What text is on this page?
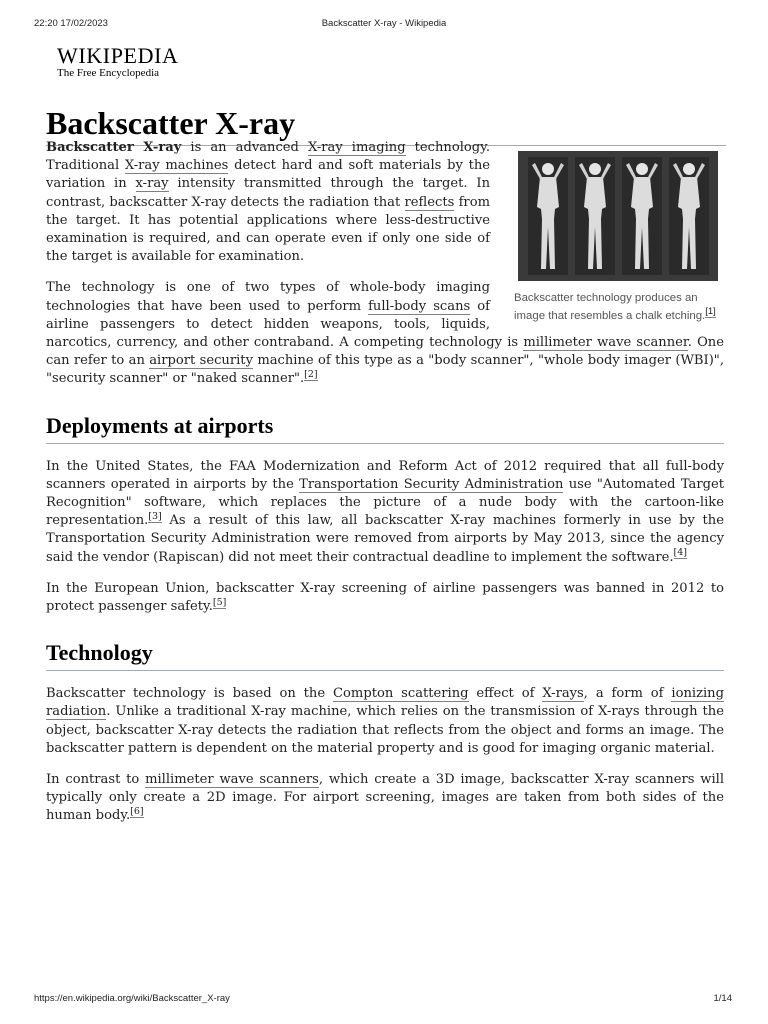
22:20 17/02/2023	Backscatter X-ray - Wikipedia
WIKIPEDIA
The Free Encyclopedia
Backscatter X-ray
Backscatter technology produces an image that resembles a chalk etching.[1]

Backscatter X-ray is an advanced X-ray imaging technology. Traditional X-ray machines detect hard and soft materials by the variation in x-ray intensity transmitted through the target. In contrast, backscatter X-ray detects the radiation that reflects from the target. It has potential applications where less-destructive examination is required, and can operate even if only one side of the target is available for examination.

The technology is one of two types of whole-body imaging technologies that have been used to perform full-body scans of airline passengers to detect hidden weapons, tools, liquids, narcotics, currency, and other contraband. A competing technology is millimeter wave scanner. One can refer to an airport security machine of this type as a "body scanner", "whole body imager (WBI)", "security scanner" or "naked scanner".[2]

Deployments at airports

In the United States, the FAA Modernization and Reform Act of 2012 required that all full-body scanners operated in airports by the Transportation Security Administration use "Automated Target Recognition" software, which replaces the picture of a nude body with the cartoon-like representation.[3] As a result of this law, all backscatter X-ray machines formerly in use by the Transportation Security Administration were removed from airports by May 2013, since the agency said the vendor (Rapiscan) did not meet their contractual deadline to implement the software.[4]

In the European Union, backscatter X-ray screening of airline passengers was banned in 2012 to protect passenger safety.[5]

Technology

Backscatter technology is based on the Compton scattering effect of X-rays, a form of ionizing radiation. Unlike a traditional X-ray machine, which relies on the transmission of X-rays through the object, backscatter X-ray detects the radiation that reflects from the object and forms an image. The backscatter pattern is dependent on the material property and is good for imaging organic material.

In contrast to millimeter wave scanners, which create a 3D image, backscatter X-ray scanners will typically only create a 2D image. For airport screening, images are taken from both sides of the human body.[6]

https://en.wikipedia.org/wiki/Backscatter_X-ray	1/14
